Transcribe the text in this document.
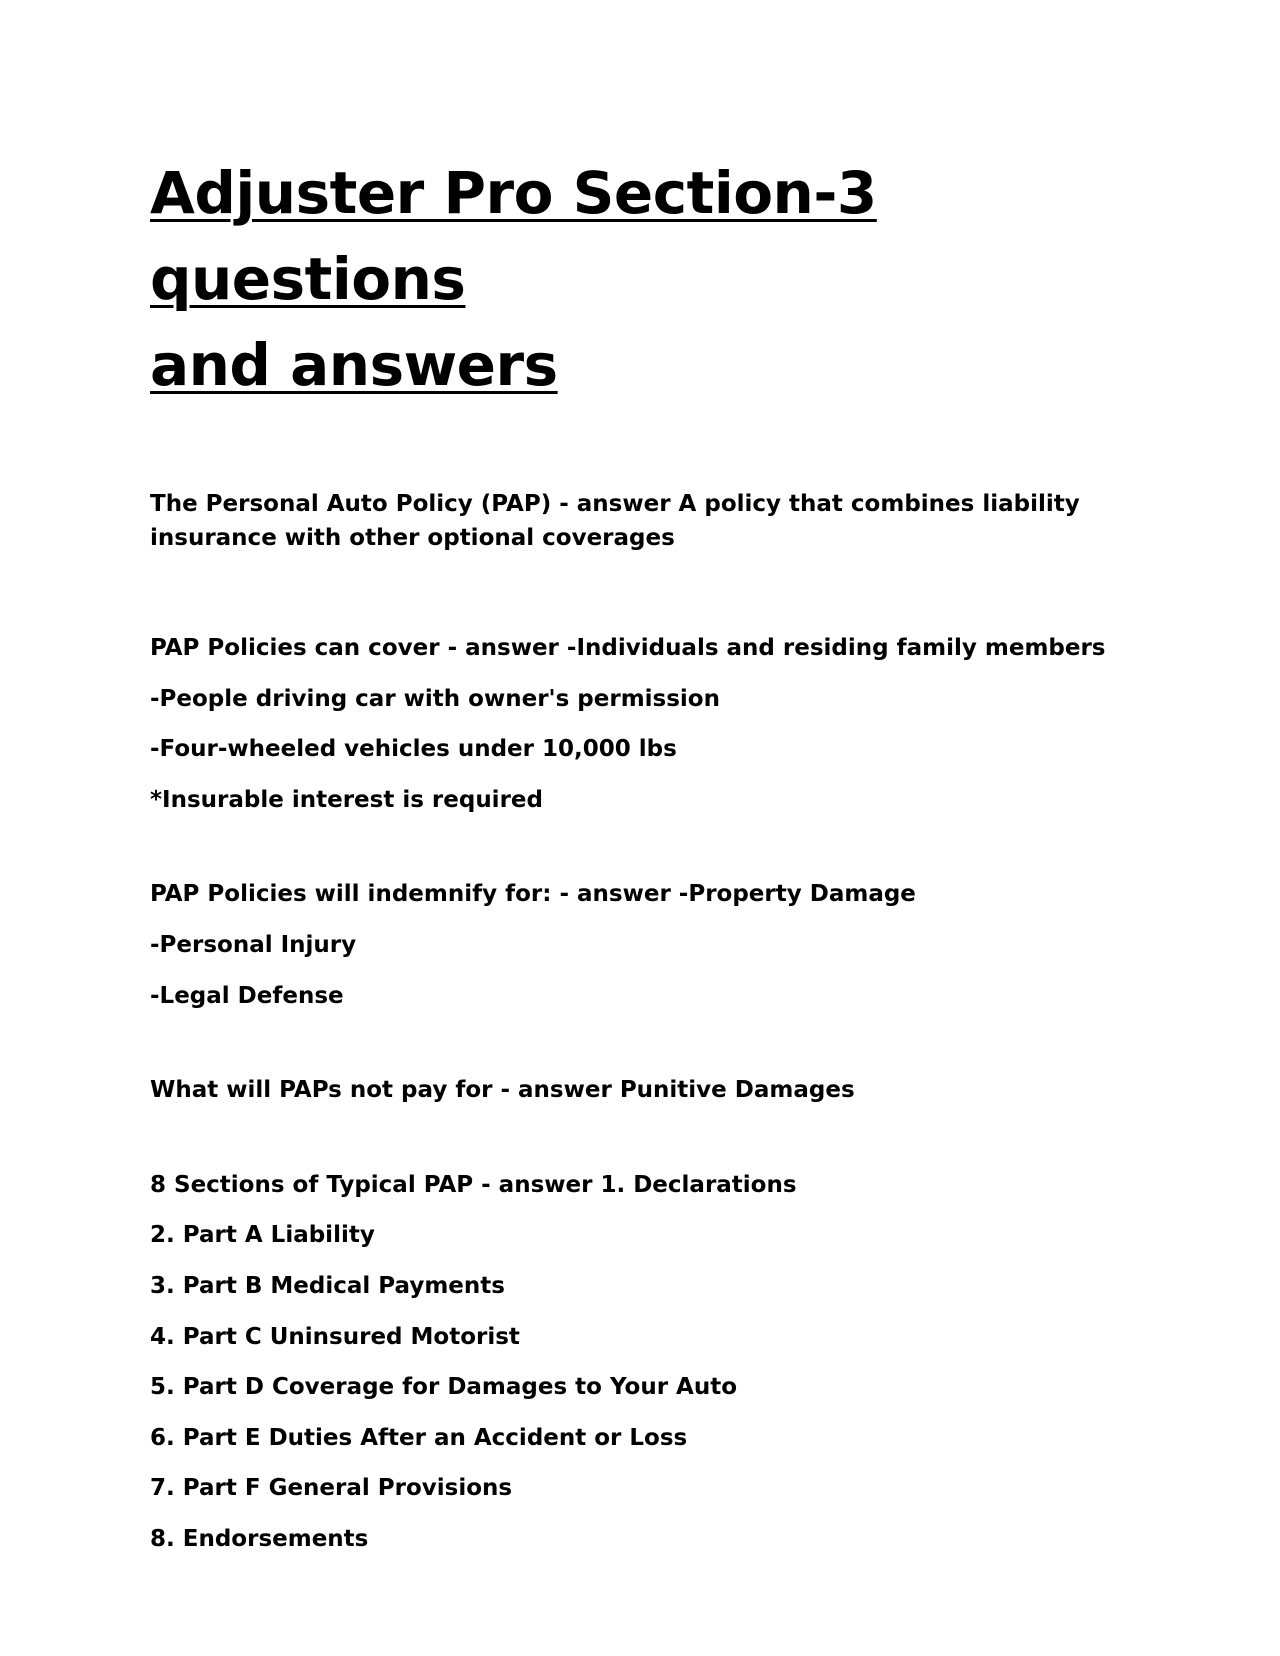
Adjuster Pro Section-3 questions
and answers

The Personal Auto Policy (PAP) - answer A policy that combines liability insurance with other optional coverages

PAP Policies can cover - answer -Individuals and residing family members

-People driving car with owner's permission

-Four-wheeled vehicles under 10,000 lbs

*Insurable interest is required

PAP Policies will indemnify for: - answer -Property Damage

-Personal Injury

-Legal Defense

What will PAPs not pay for - answer Punitive Damages

8 Sections of Typical PAP - answer 1. Declarations

2. Part A Liability

3. Part B Medical Payments

4. Part C Uninsured Motorist

5. Part D Coverage for Damages to Your Auto

6. Part E Duties After an Accident or Loss

7. Part F General Provisions

8. Endorsements
